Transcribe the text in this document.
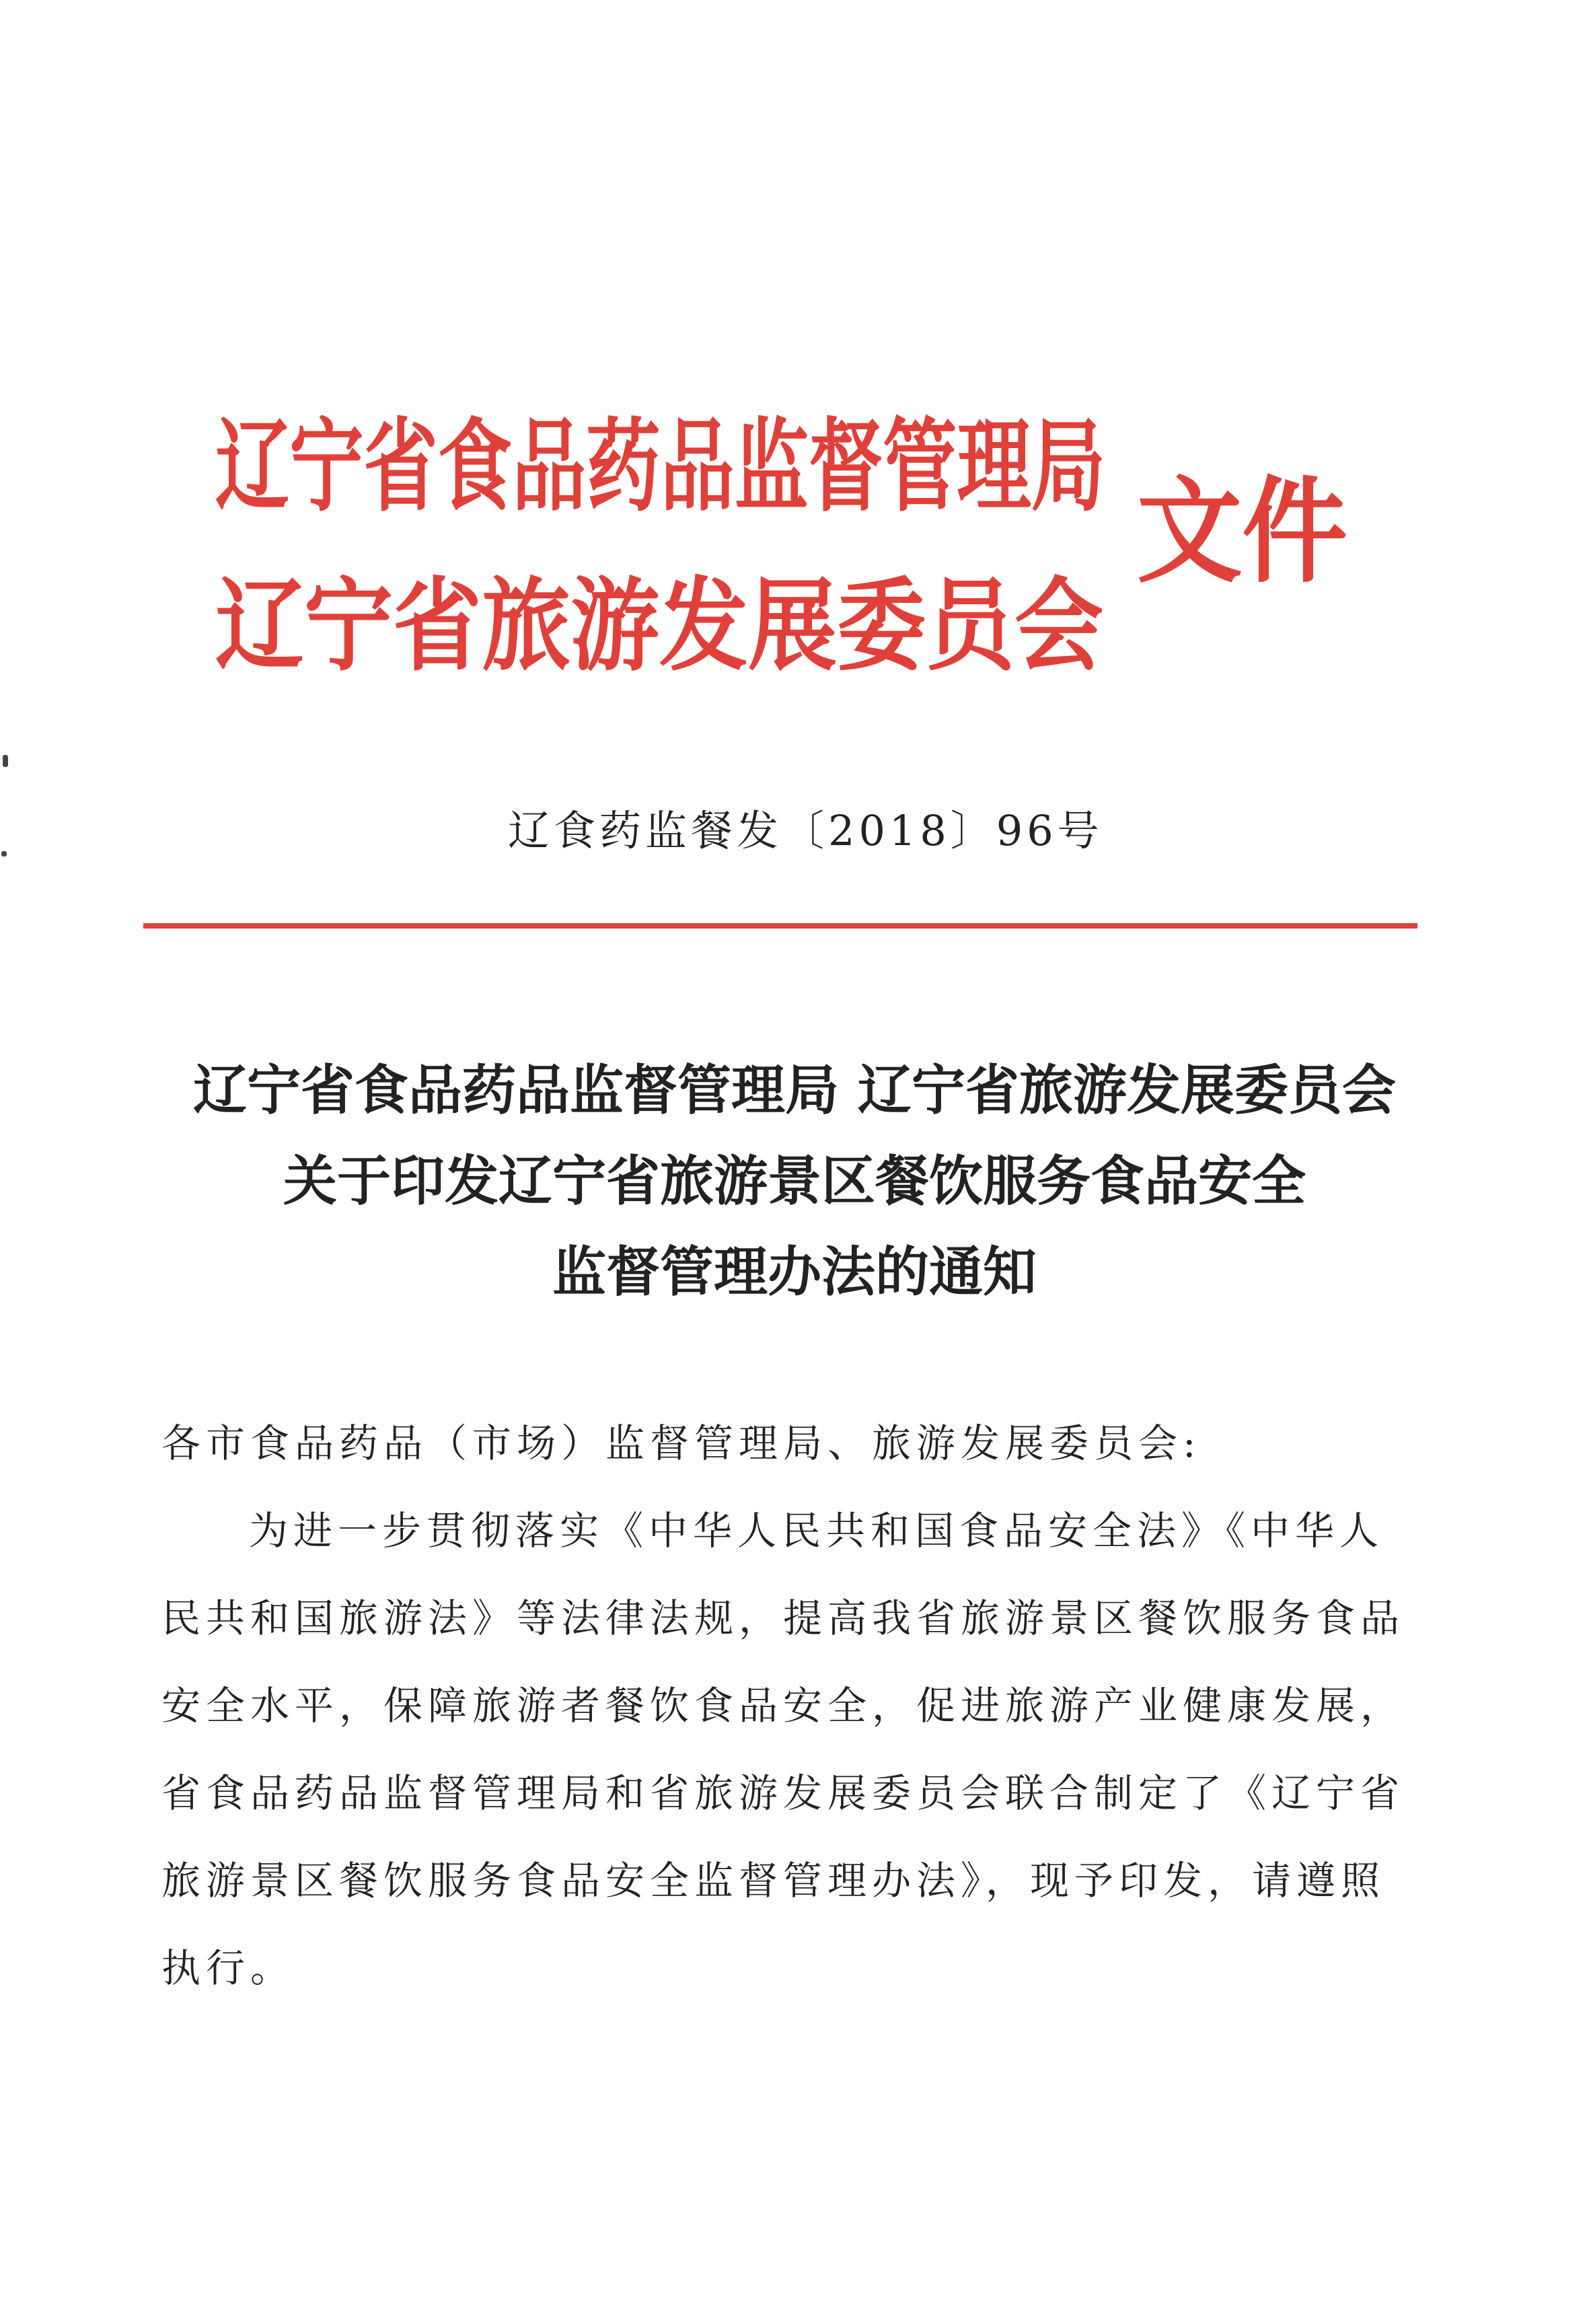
辽宁省食品药品监督管理局
辽宁省旅游发展委员会
文件
辽食药监餐发〔2018〕96号
辽宁省食品药品监督管理局 辽宁省旅游发展委员会
关于印发辽宁省旅游景区餐饮服务食品安全
监督管理办法的通知
各市食品药品（市场）监督管理局、旅游发展委员会:
为进一步贯彻落实《中华人民共和国食品安全法》《中华人
民共和国旅游法》等法律法规，提高我省旅游景区餐饮服务食品
安全水平，保障旅游者餐饮食品安全，促进旅游产业健康发展，
省食品药品监督管理局和省旅游发展委员会联合制定了《辽宁省
旅游景区餐饮服务食品安全监督管理办法》，现予印发，请遵照
执行。
